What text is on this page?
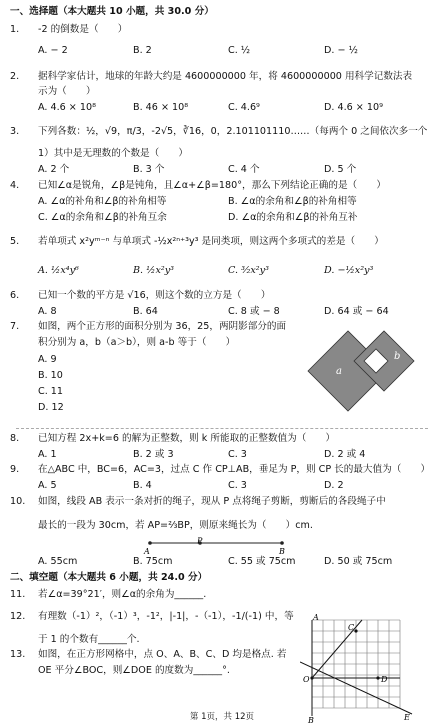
一、选择题（本大题共 10 小题，共 30.0 分）
1.	-2 的倒数是（　　）
A. − 2	B. 2	C. ½	D. − ½
2.	据科学家估计，地球的年龄大约是 4600000000 年，将 4600000000 用科学记数法表
示为（　　）
A. 4.6 × 10⁸	B. 46 × 10⁸	C. 4.6⁹	D. 4.6 × 10⁹
3.	下列各数：½，√9，π/3，-2√5，∛16，0，2.101101110……（每两个 0 之间依次多一个
1）其中是无理数的个数是（　　）
A. 2 个	B. 3 个	C. 4 个	D. 5 个
4.	已知∠α是锐角，∠β是钝角，且∠α+∠β=180°，那么下列结论正确的是（　　）
A. ∠α的补角和∠β的补角相等	B. ∠α的余角和∠β的补角相等
C. ∠α的余角和∠β的补角互余	D. ∠α的余角和∠β的补角互补
5.	若单项式 x²yᵐ⁻ⁿ 与单项式 -½x²ⁿ⁺³y³ 是同类项，则这两个多项式的差是（　　）
A. ½x⁴y⁶	B. ½x²y³	C. ³⁄₂x²y³	D. −½x²y³
6.	已知一个数的平方是 √16，则这个数的立方是（　　）
A. 8	B. 64	C. 8 或 − 8	D. 64 或 − 64
7.	如图，两个正方形的面积分别为 36，25，两阴影部分的面
积分别为 a，b（a＞b），则 a-b 等于（　　）
A. 9
B. 10
C. 11
D. 12
a
b
8.	已知方程 2x+k=6 的解为正整数，则 k 所能取的正整数值为（　　）
A. 1	B. 2 或 3	C. 3	D. 2 或 4
9.	在△ABC 中，BC=6，AC=3，过点 C 作 CP⊥AB，垂足为 P，则 CP 长的最大值为（　　）
A. 5	B. 4	C. 3	D. 2
10.	如图，线段 AB 表示一条对折的绳子，现从 P 点将绳子剪断，剪断后的各段绳子中
最长的一段为 30cm，若 AP=⅔BP，则原来绳长为（　　）cm.
A
P
B
A. 55cm	B. 75cm	C. 55 或 75cm	D. 50 或 75cm
二、填空题（本大题共 6 小题，共 24.0 分）
11.	若∠α=39°21′，则∠α的余角为______.
12.	有理数（-1）²，（-1）³，-1²，|-1|，-（-1），-1/(-1) 中，等
于 1 的个数有______个.
13.	如图，在正方形网格中，点 O、A、B、C、D 均是格点. 若
OE 平分∠BOC，则∠DOE 的度数为______°.
A
C
O	D
B	E
第 1页，共 12页
